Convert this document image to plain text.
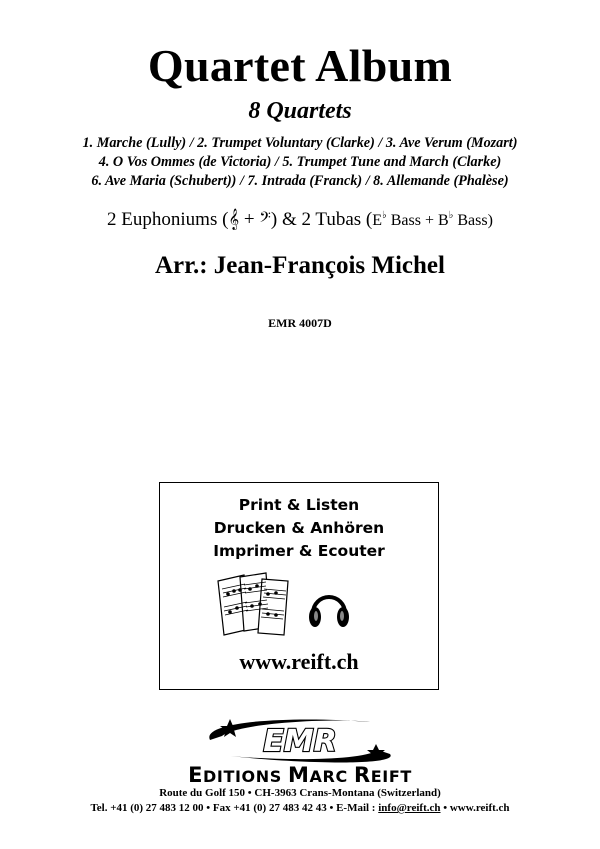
Quartet Album
8 Quartets
1. Marche (Lully) / 2. Trumpet Voluntary (Clarke) / 3. Ave Verum (Mozart)
4. O Vos Ommes (de Victoria) / 5. Trumpet Tune and March (Clarke)
6. Ave Maria (Schubert)) / 7. Intrada (Franck) / 8. Allemande (Phalèse)
2 Euphoniums (𝄞 + 𝄢) & 2 Tubas (E♭ Bass + B♭ Bass)
Arr.: Jean-François Michel
EMR 4007D
Print & Listen
Drucken & Anhören
Imprimer & Ecouter
www.reift.ch
EMR
EDITIONS MARC REIFT
Route du Golf 150 • CH-3963 Crans-Montana (Switzerland)
Tel. +41 (0) 27 483 12 00 • Fax +41 (0) 27 483 42 43 • E-Mail : info@reift.ch • www.reift.ch
